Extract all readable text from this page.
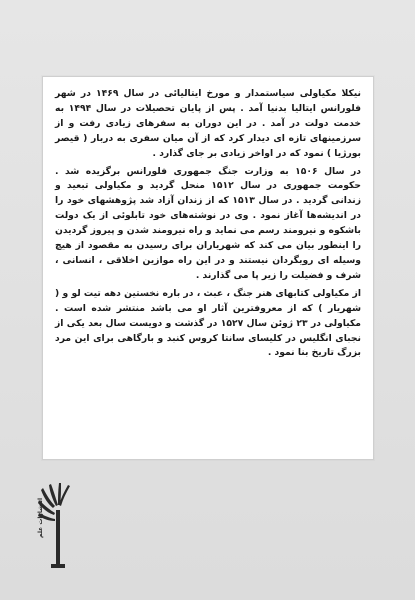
نیکلا مکیاولی سیاستمدار و مورخ ایتالیائی در سال ۱۴۶۹ در شهر فلورانس ایتالیا بدنیا آمد . پس از پایان تحصیلات در سال ۱۴۹۴ به خدمت دولت در آمد . در این دوران به سفرهای زیادی رفت و از سرزمینهای تازه ای دیدار کرد که از آن میان سفری به دربار ( قیصر بورژیا ) نمود که در اواخر زیادی بر جای گذارد .

در سال ۱۵۰۶ به وزارت جنگ جمهوری فلورانس برگزیده شد . حکومت جمهوری در سال ۱۵۱۲ منحل گردید و مکیاولی تبعید و زندانی گردید . در سال ۱۵۱۳ که از زندان آزاد شد پژوهشهای خود را در اندیشه‌ها آغاز نمود . وی در نوشته‌های خود تابلوئی از یک دولت باشکوه و نیرومند رسم می نماید و راه نیرومند شدن و پیروز گردیدن را اینطور بیان می کند که شهریاران برای رسیدن به مقصود از هیچ وسیله ای رویگردان نیستند و در این راه موازین اخلاقی ، انسانی ، شرف و فضیلت را زیر پا می گذارند .

از مکیاولی کتابهای هنر جنگ ، عبث ، در باره نخستین دهه تیت لو و ( شهریار ) که از معروفترین آثار او می باشد منتشر شده است . مکیاولی در ۲۳ ژوئن سال ۱۵۲۷ در گذشت و دویست سال بعد یکی از نجبای انگلیس در کلیسای سانتا کروس کنبد و بارگاهی برای این مرد بزرگ تاریخ بنا نمود .

انتشارات علم
